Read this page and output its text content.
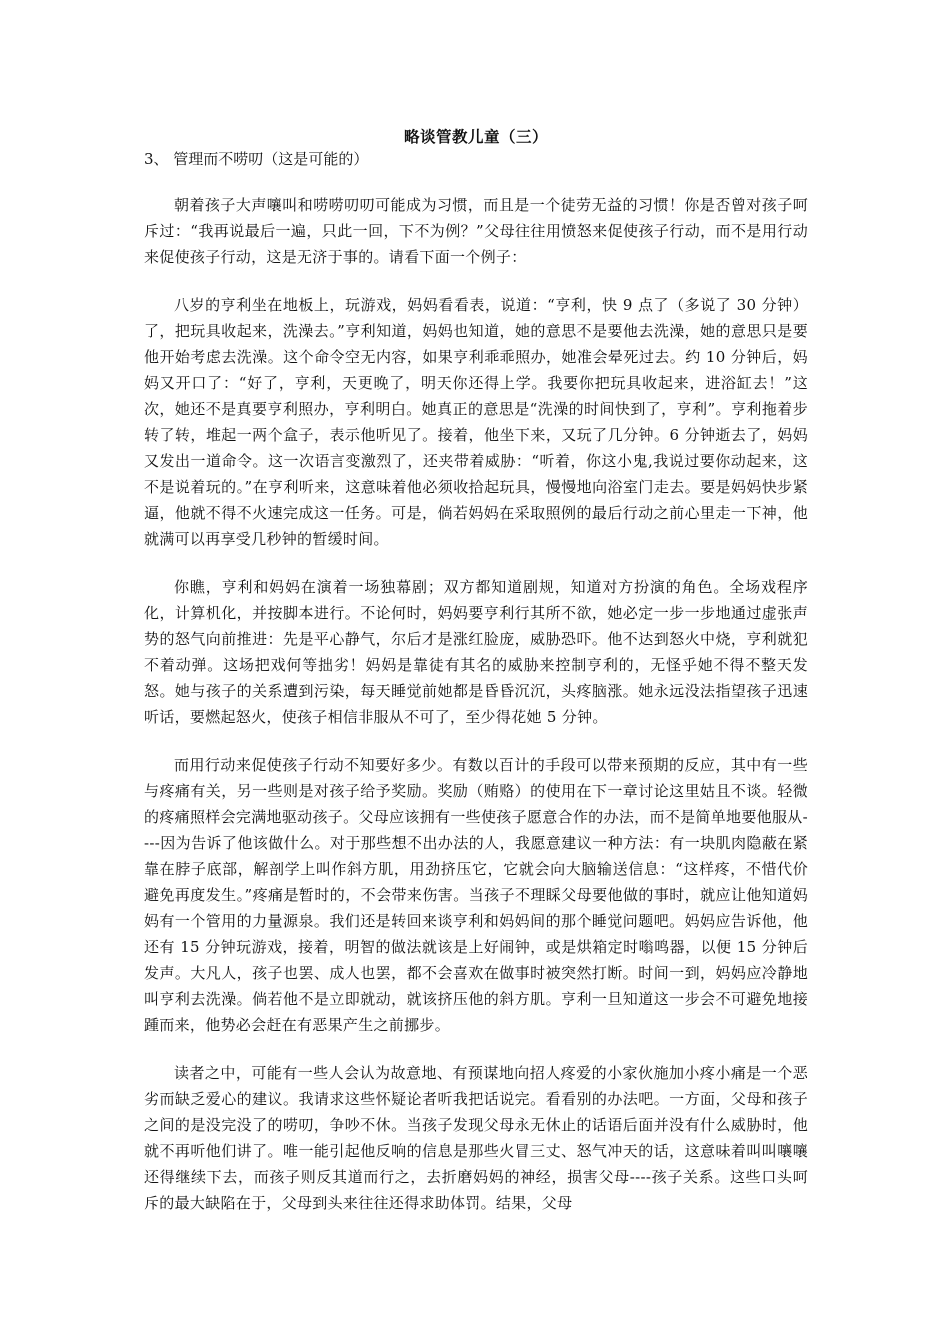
略谈管教儿童（三）

3、 管理而不唠叨（这是可能的）

朝着孩子大声嚷叫和唠唠叨叨可能成为习惯，而且是一个徒劳无益的习惯！你是否曾对孩子呵斥过：“我再说最后一遍，只此一回，下不为例？”父母往往用愤怒来促使孩子行动，而不是用行动来促使孩子行动，这是无济于事的。请看下面一个例子：

八岁的亨利坐在地板上，玩游戏，妈妈看看表，说道：“亨利，快 9 点了（多说了 30 分钟）了，把玩具收起来，洗澡去。”亨利知道，妈妈也知道，她的意思不是要他去洗澡，她的意思只是要他开始考虑去洗澡。这个命令空无内容，如果亨利乖乖照办，她准会晕死过去。约 10 分钟后，妈妈又开口了：“好了，亨利，天更晚了，明天你还得上学。我要你把玩具收起来，进浴缸去！”这次，她还不是真要亨利照办，亨利明白。她真正的意思是“洗澡的时间快到了，亨利”。亨利拖着步转了转，堆起一两个盒子，表示他听见了。接着，他坐下来，又玩了几分钟。6 分钟逝去了，妈妈又发出一道命令。这一次语言变激烈了，还夹带着威胁：“听着，你这小鬼,我说过要你动起来，这不是说着玩的。”在亨利听来，这意味着他必须收拾起玩具，慢慢地向浴室门走去。要是妈妈快步紧逼，他就不得不火速完成这一任务。可是，倘若妈妈在采取照例的最后行动之前心里走一下神，他就满可以再享受几秒钟的暂缓时间。

你瞧，亨利和妈妈在演着一场独幕剧；双方都知道剧规，知道对方扮演的角色。全场戏程序化，计算机化，并按脚本进行。不论何时，妈妈要亨利行其所不欲，她必定一步一步地通过虚张声势的怒气向前推进：先是平心静气，尔后才是涨红脸庞，威胁恐吓。他不达到怒火中烧，亨利就犯不着动弹。这场把戏何等拙劣！妈妈是靠徒有其名的威胁来控制亨利的，无怪乎她不得不整天发怒。她与孩子的关系遭到污染，每天睡觉前她都是昏昏沉沉，头疼脑涨。她永远没法指望孩子迅速听话，要燃起怒火，使孩子相信非服从不可了，至少得花她 5 分钟。

而用行动来促使孩子行动不知要好多少。有数以百计的手段可以带来预期的反应，其中有一些与疼痛有关，另一些则是对孩子给予奖励。奖励（贿赂）的使用在下一章讨论这里姑且不谈。轻微的疼痛照样会完满地驱动孩子。父母应该拥有一些使孩子愿意合作的办法，而不是简单地要他服从----因为告诉了他该做什么。对于那些想不出办法的人，我愿意建议一种方法：有一块肌肉隐蔽在紧靠在脖子底部，解剖学上叫作斜方肌，用劲挤压它，它就会向大脑输送信息：“这样疼，不惜代价避免再度发生。”疼痛是暂时的，不会带来伤害。当孩子不理睬父母要他做的事时，就应让他知道妈妈有一个管用的力量源泉。我们还是转回来谈亨利和妈妈间的那个睡觉问题吧。妈妈应告诉他，他还有 15 分钟玩游戏，接着，明智的做法就该是上好闹钟，或是烘箱定时嗡鸣器，以便 15 分钟后发声。大凡人，孩子也罢、成人也罢，都不会喜欢在做事时被突然打断。时间一到，妈妈应冷静地叫亨利去洗澡。倘若他不是立即就动，就该挤压他的斜方肌。亨利一旦知道这一步会不可避免地接踵而来，他势必会赶在有恶果产生之前挪步。

读者之中，可能有一些人会认为故意地、有预谋地向招人疼爱的小家伙施加小疼小痛是一个恶劣而缺乏爱心的建议。我请求这些怀疑论者听我把话说完。看看别的办法吧。一方面，父母和孩子之间的是没完没了的唠叨，争吵不休。当孩子发现父母永无休止的话语后面并没有什么威胁时，他就不再听他们讲了。唯一能引起他反响的信息是那些火冒三丈、怒气冲天的话，这意味着叫叫嚷嚷还得继续下去，而孩子则反其道而行之，去折磨妈妈的神经，损害父母----孩子关系。这些口头呵斥的最大缺陷在于，父母到头来往往还得求助体罚。结果，父母
